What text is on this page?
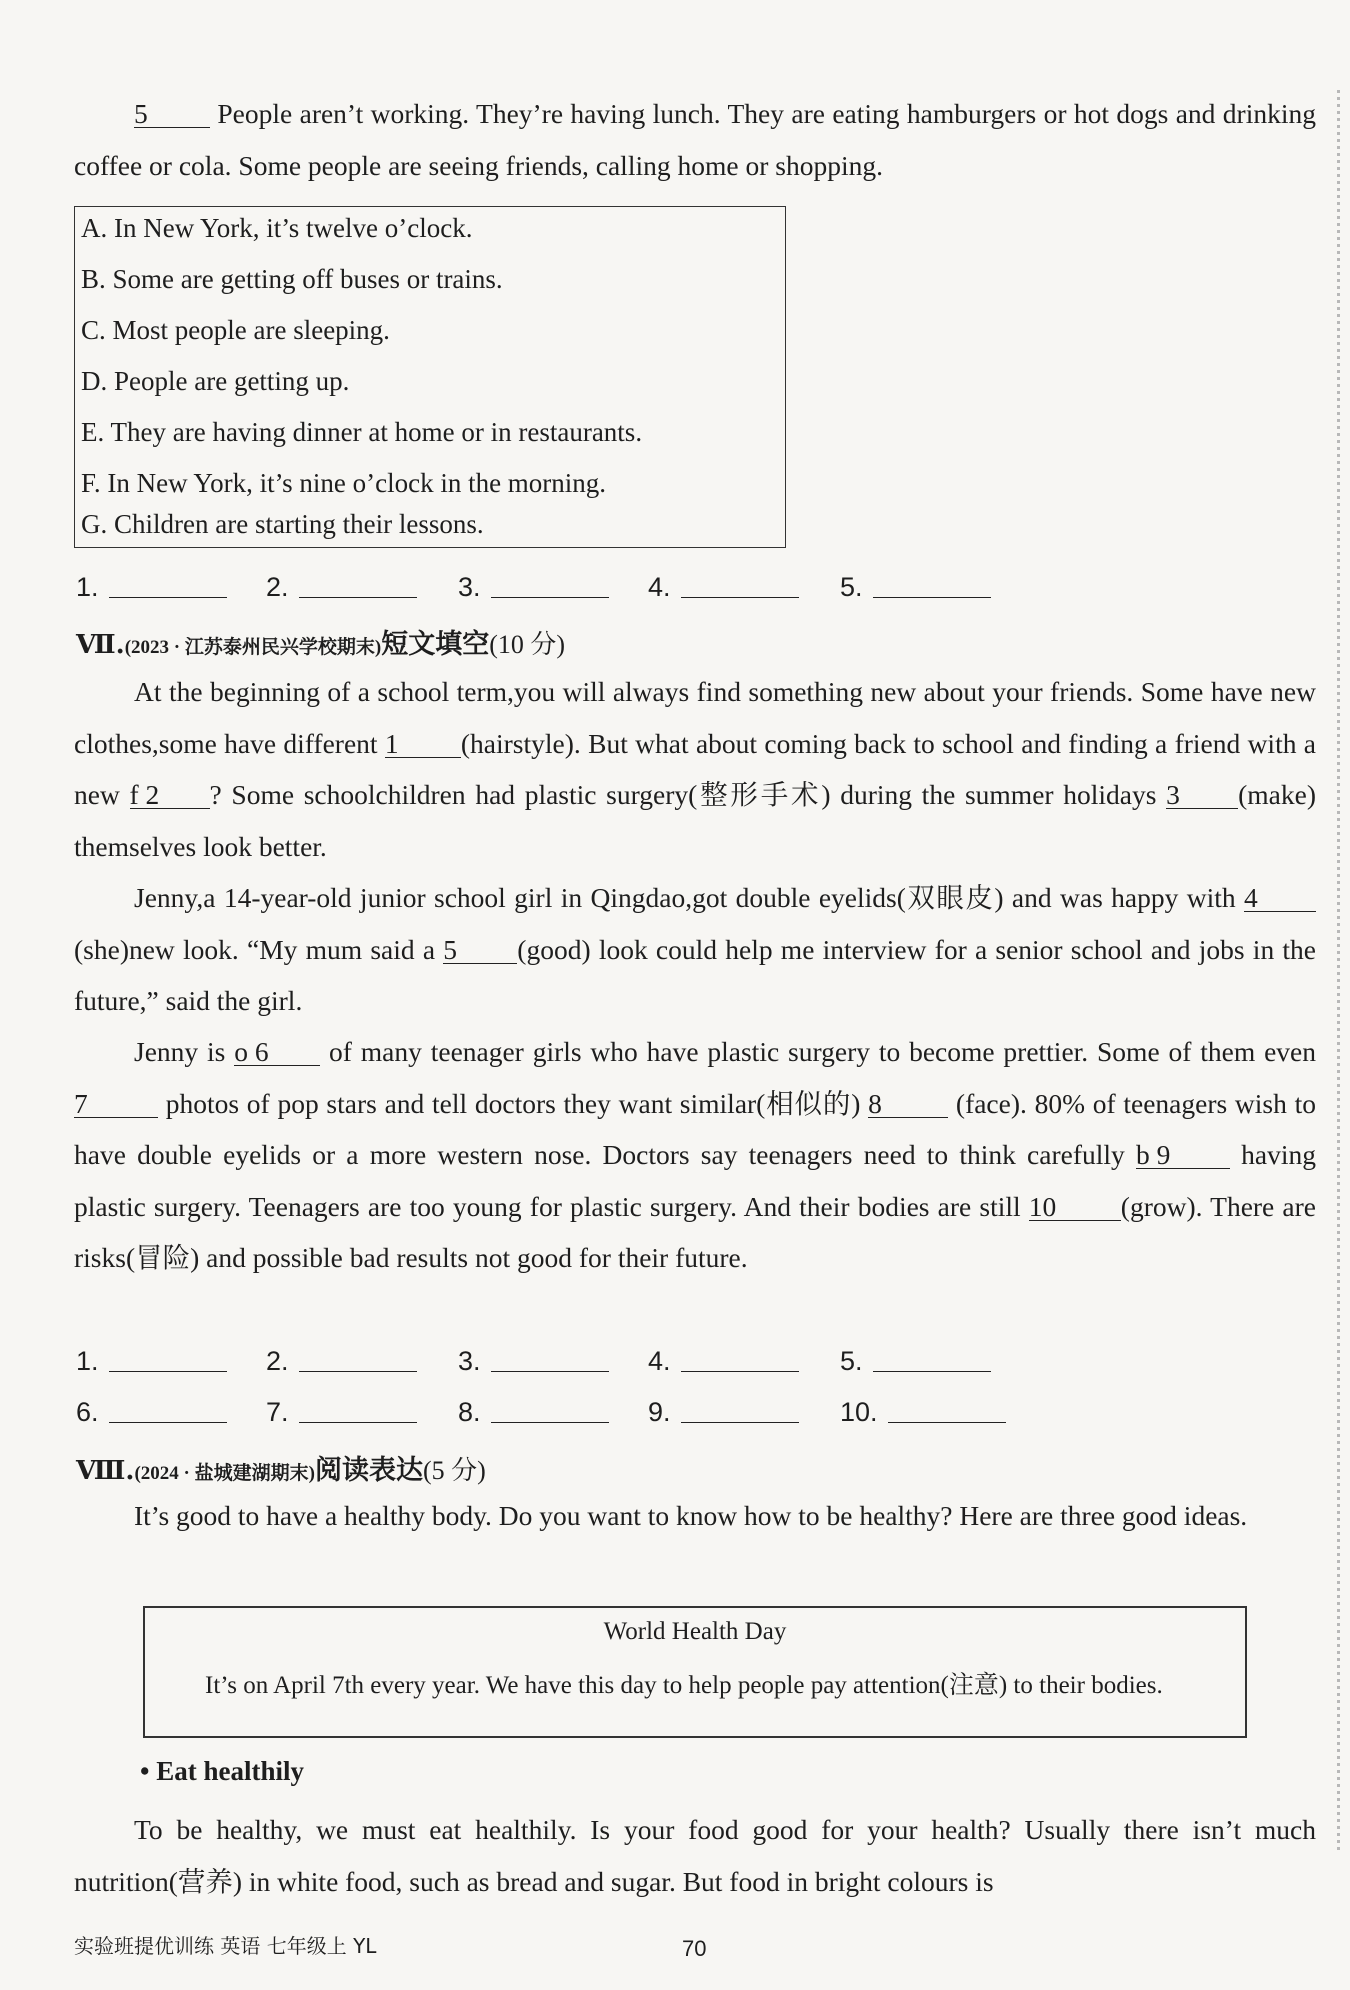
5	People aren’t working. They’re having lunch. They are eating hamburgers or hot dogs and drinking coffee or cola. Some people are seeing friends, calling home or shopping.
A. In New York, it’s twelve o’clock.
B. Some are getting off buses or trains.
C. Most people are sleeping.
D. People are getting up.
E. They are having dinner at home or in restaurants.
F. In New York, it’s nine o’clock in the morning.
G. Children are starting their lessons.
1.	2.	3.	4.	5.
Ⅶ.(2023 · 江苏泰州民兴学校期末)短文填空(10 分)
At the beginning of a school term,you will always find something new about your friends. Some have new clothes,some have different 1 (hairstyle). But what about coming back to school and finding a friend with a new f 2 ? Some schoolchildren had plastic surgery(整形手术) during the summer holidays 3 (make) themselves look better.
Jenny,a 14-year-old junior school girl in Qingdao,got double eyelids(双眼皮) and was happy with 4(she)new look. “My mum said a 5 (good) look could help me interview for a senior school and jobs in the future,” said the girl.
Jenny is o 6 of many teenager girls who have plastic surgery to become prettier. Some of them even 7	photos of pop stars and tell doctors they want similar(相似的) 8	(face). 80% of teenagers wish to have double eyelids or a more western nose. Doctors say teenagers need to think carefully b 9	having plastic surgery. Teenagers are too young for plastic surgery. And their bodies are still 10 (grow). There are risks(冒险) and possible bad results not good for their future.
1.	2.	3.	4.	5.
6.	7.	8.	9.	10.
Ⅷ.(2024 · 盐城建湖期末)阅读表达(5 分)
It’s good to have a healthy body. Do you want to know how to be healthy? Here are three good ideas.
World Health Day
It’s on April 7th every year. We have this day to help people pay attention(注意) to their bodies.
• Eat healthily
To be healthy, we must eat healthily. Is your food good for your health? Usually there isn’t much nutrition(营养) in white food, such as bread and sugar. But food in bright colours is
实验班提优训练 英语 七年级上 YL	70
